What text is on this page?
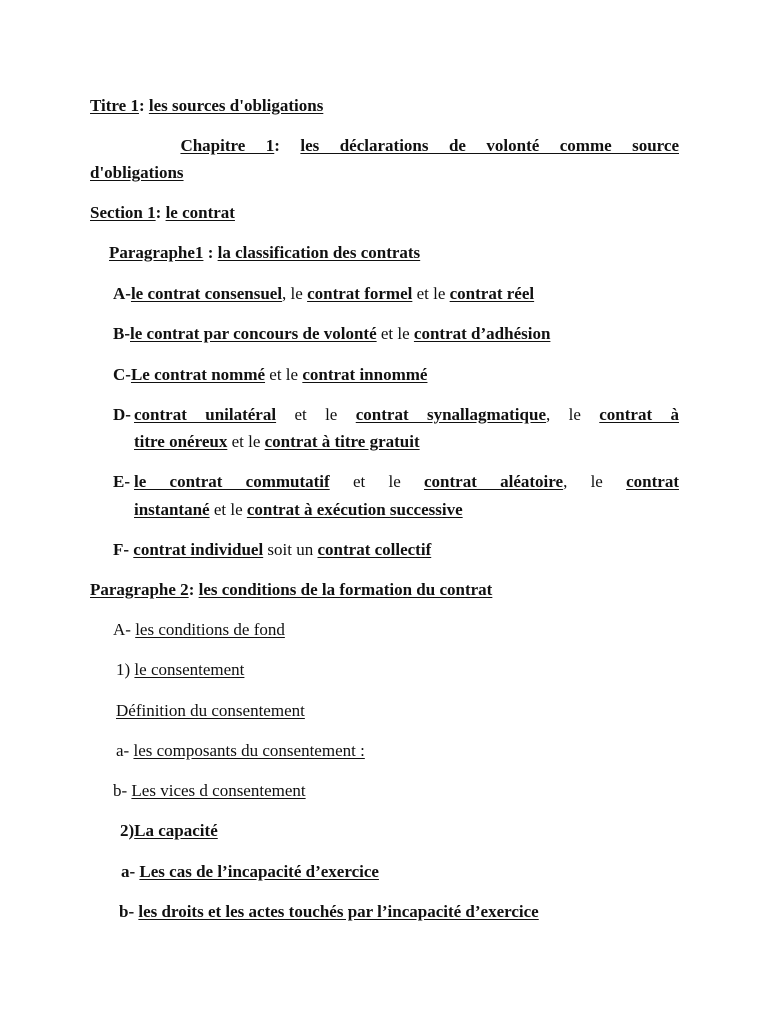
Titre 1: les sources d'obligations
Chapitre 1: les déclarations de volonté comme source
d'obligations
Section 1: le contrat
Paragraphe1 : la classification des contrats
A-le contrat consensuel, le contrat formel et le contrat réel
B-le contrat par concours de volonté et le contrat d’adhésion
C-Le contrat nommé et le contrat innommé
D- contrat unilatéral et le contrat synallagmatique, le contrat à
titre onéreux et le contrat à titre gratuit
E- le contrat commutatif et le contrat aléatoire, le contrat
instantané et le contrat à exécution successive
F- contrat individuel soit un contrat collectif
Paragraphe 2: les conditions de la formation du contrat
A- les conditions de fond
1) le consentement
Définition du consentement
a- les composants du consentement :
b- Les vices d consentement
2)La capacité
a- Les cas de l’incapacité d’exercice
b- les droits et les actes touchés par l’incapacité d’exercice
